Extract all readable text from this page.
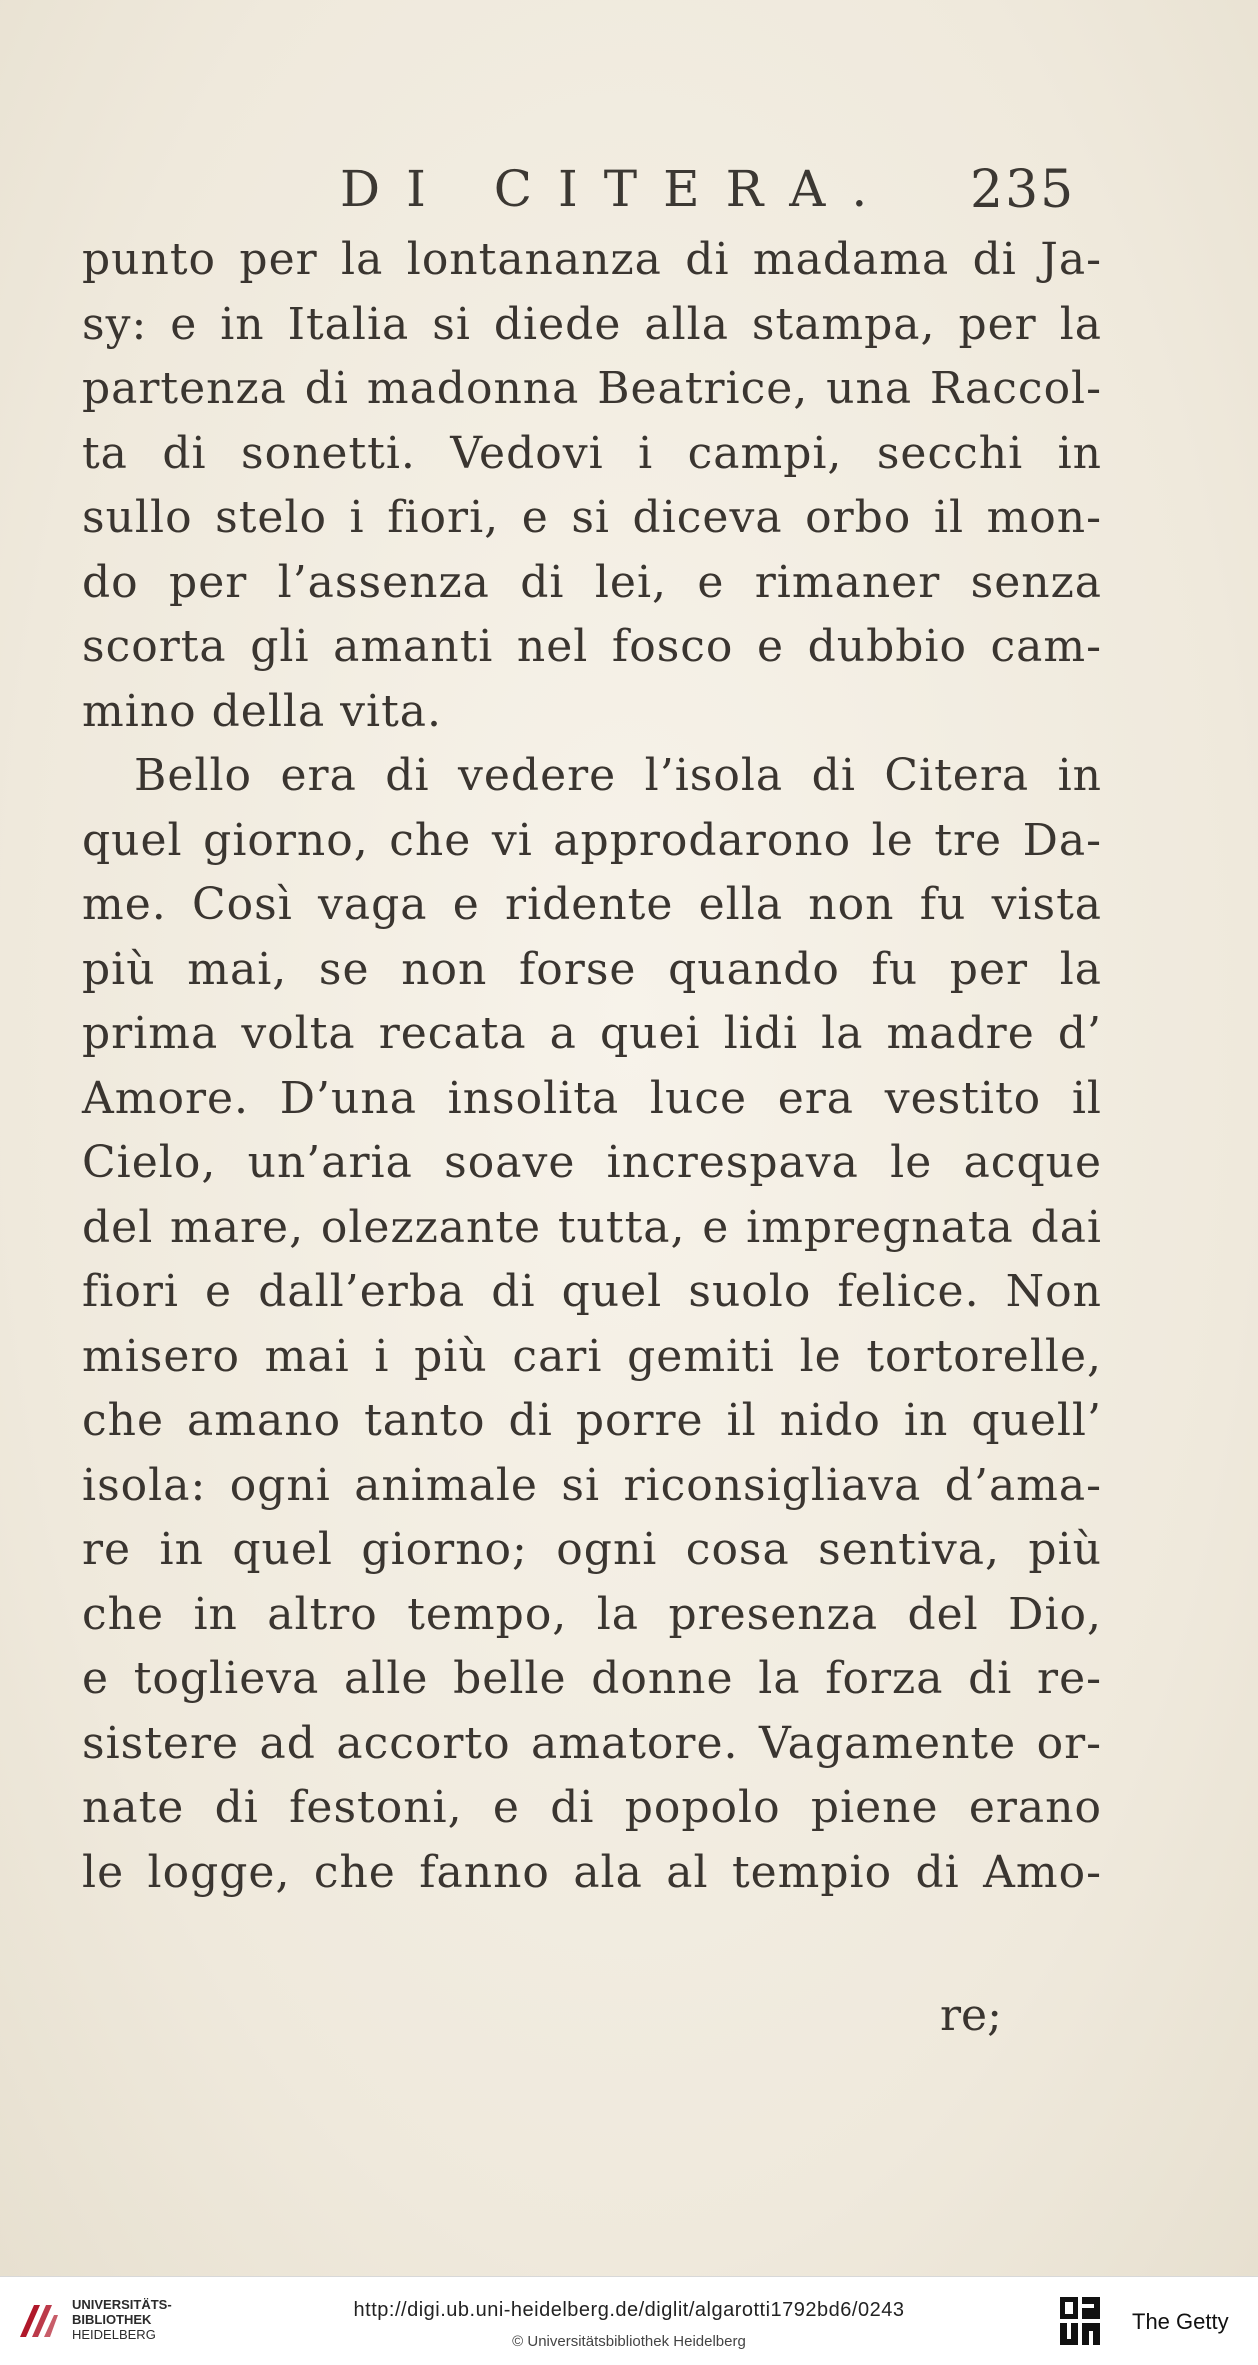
DI CITERA. 235
punto per la lontananza di madama di Ja-
sy: e in Italia si diede alla stampa, per la
partenza di madonna Beatrice, una Raccol-
ta di sonetti. Vedovi i campi, secchi in
sullo stelo i fiori, e si diceva orbo il mon-
do per l’assenza di lei, e rimaner senza
scorta gli amanti nel fosco e dubbio cam-
mino della vita.
Bello era di vedere l’isola di Citera in
quel giorno, che vi approdarono le tre Da-
me. Così vaga e ridente ella non fu vista
più mai, se non forse quando fu per la
prima volta recata a quei lidi la madre d’
Amore. D’una insolita luce era vestito il
Cielo, un’aria soave increspava le acque
del mare, olezzante tutta, e impregnata dai
fiori e dall’erba di quel suolo felice. Non
misero mai i più cari gemiti le tortorelle,
che amano tanto di porre il nido in quell’
isola: ogni animale si riconsigliava d’ama-
re in quel giorno; ogni cosa sentiva, più
che in altro tempo, la presenza del Dio,
e toglieva alle belle donne la forza di re-
sistere ad accorto amatore. Vagamente or-
nate di festoni, e di popolo piene erano
le logge, che fanno ala al tempio di Amo-
re;
UNIVERSITÄTS-
BIBLIOTHEK
HEIDELBERG
http://digi.ub.uni-heidelberg.de/diglit/algarotti1792bd6/0243
© Universitätsbibliothek Heidelberg
The Getty
